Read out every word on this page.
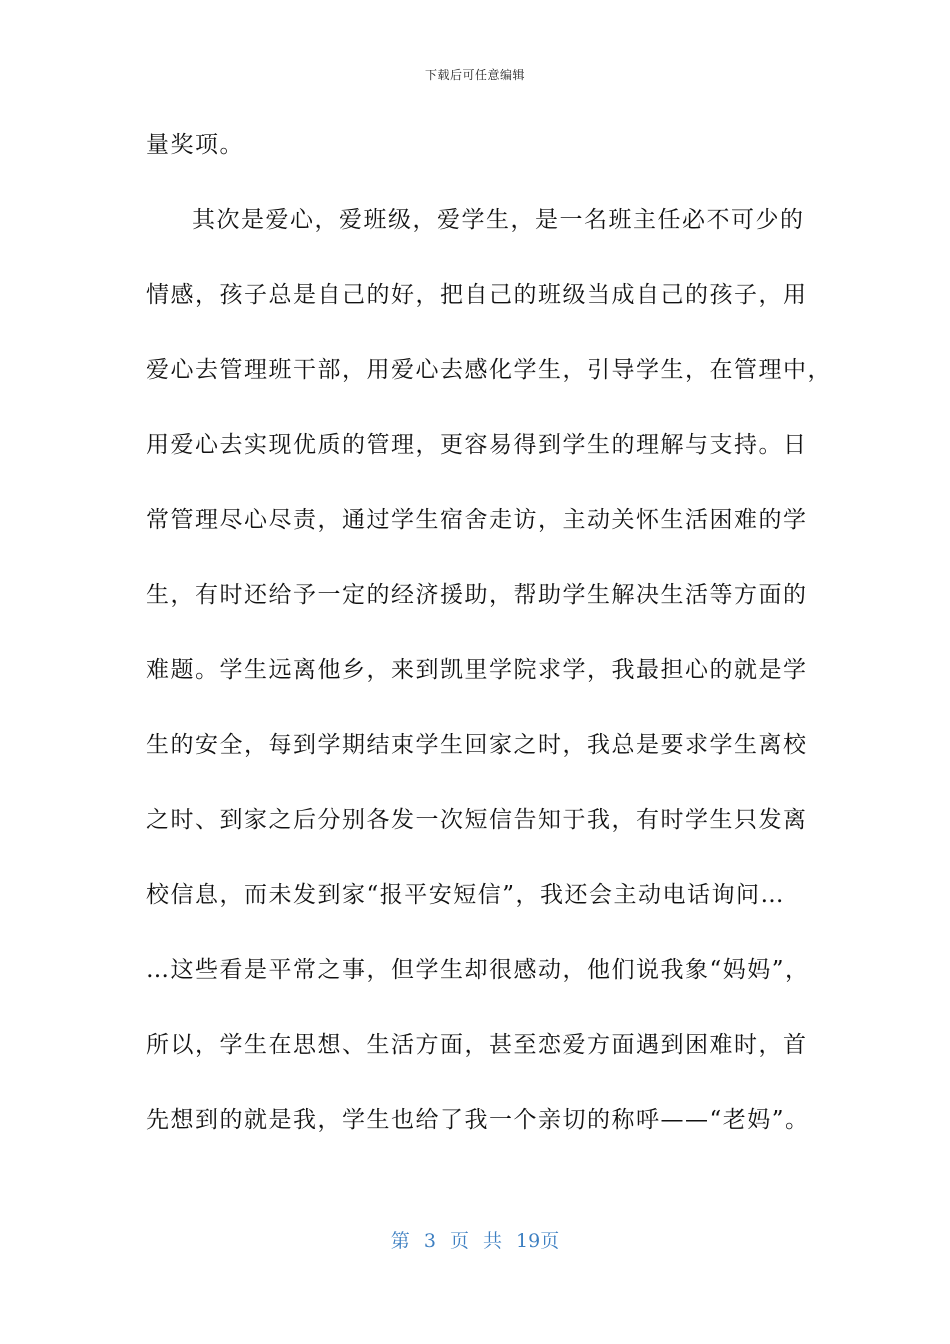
下载后可任意编辑
量奖项。
其次是爱心，爱班级，爱学生，是一名班主任必不可少的
情感，孩子总是自己的好，把自己的班级当成自己的孩子，用
爱心去管理班干部，用爱心去感化学生，引导学生，在管理中，
用爱心去实现优质的管理，更容易得到学生的理解与支持。日
常管理尽心尽责，通过学生宿舍走访，主动关怀生活困难的学
生，有时还给予一定的经济援助，帮助学生解决生活等方面的
难题。学生远离他乡，来到凯里学院求学，我最担心的就是学
生的安全，每到学期结束学生回家之时，我总是要求学生离校
之时、到家之后分别各发一次短信告知于我，有时学生只发离
校信息，而未发到家“报平安短信”，我还会主动电话询问…
…这些看是平常之事，但学生却很感动，他们说我象“妈妈”，
所以，学生在思想、生活方面，甚至恋爱方面遇到困难时，首
先想到的就是我，学生也给了我一个亲切的称呼——“老妈”。
第 3 页 共 19页
